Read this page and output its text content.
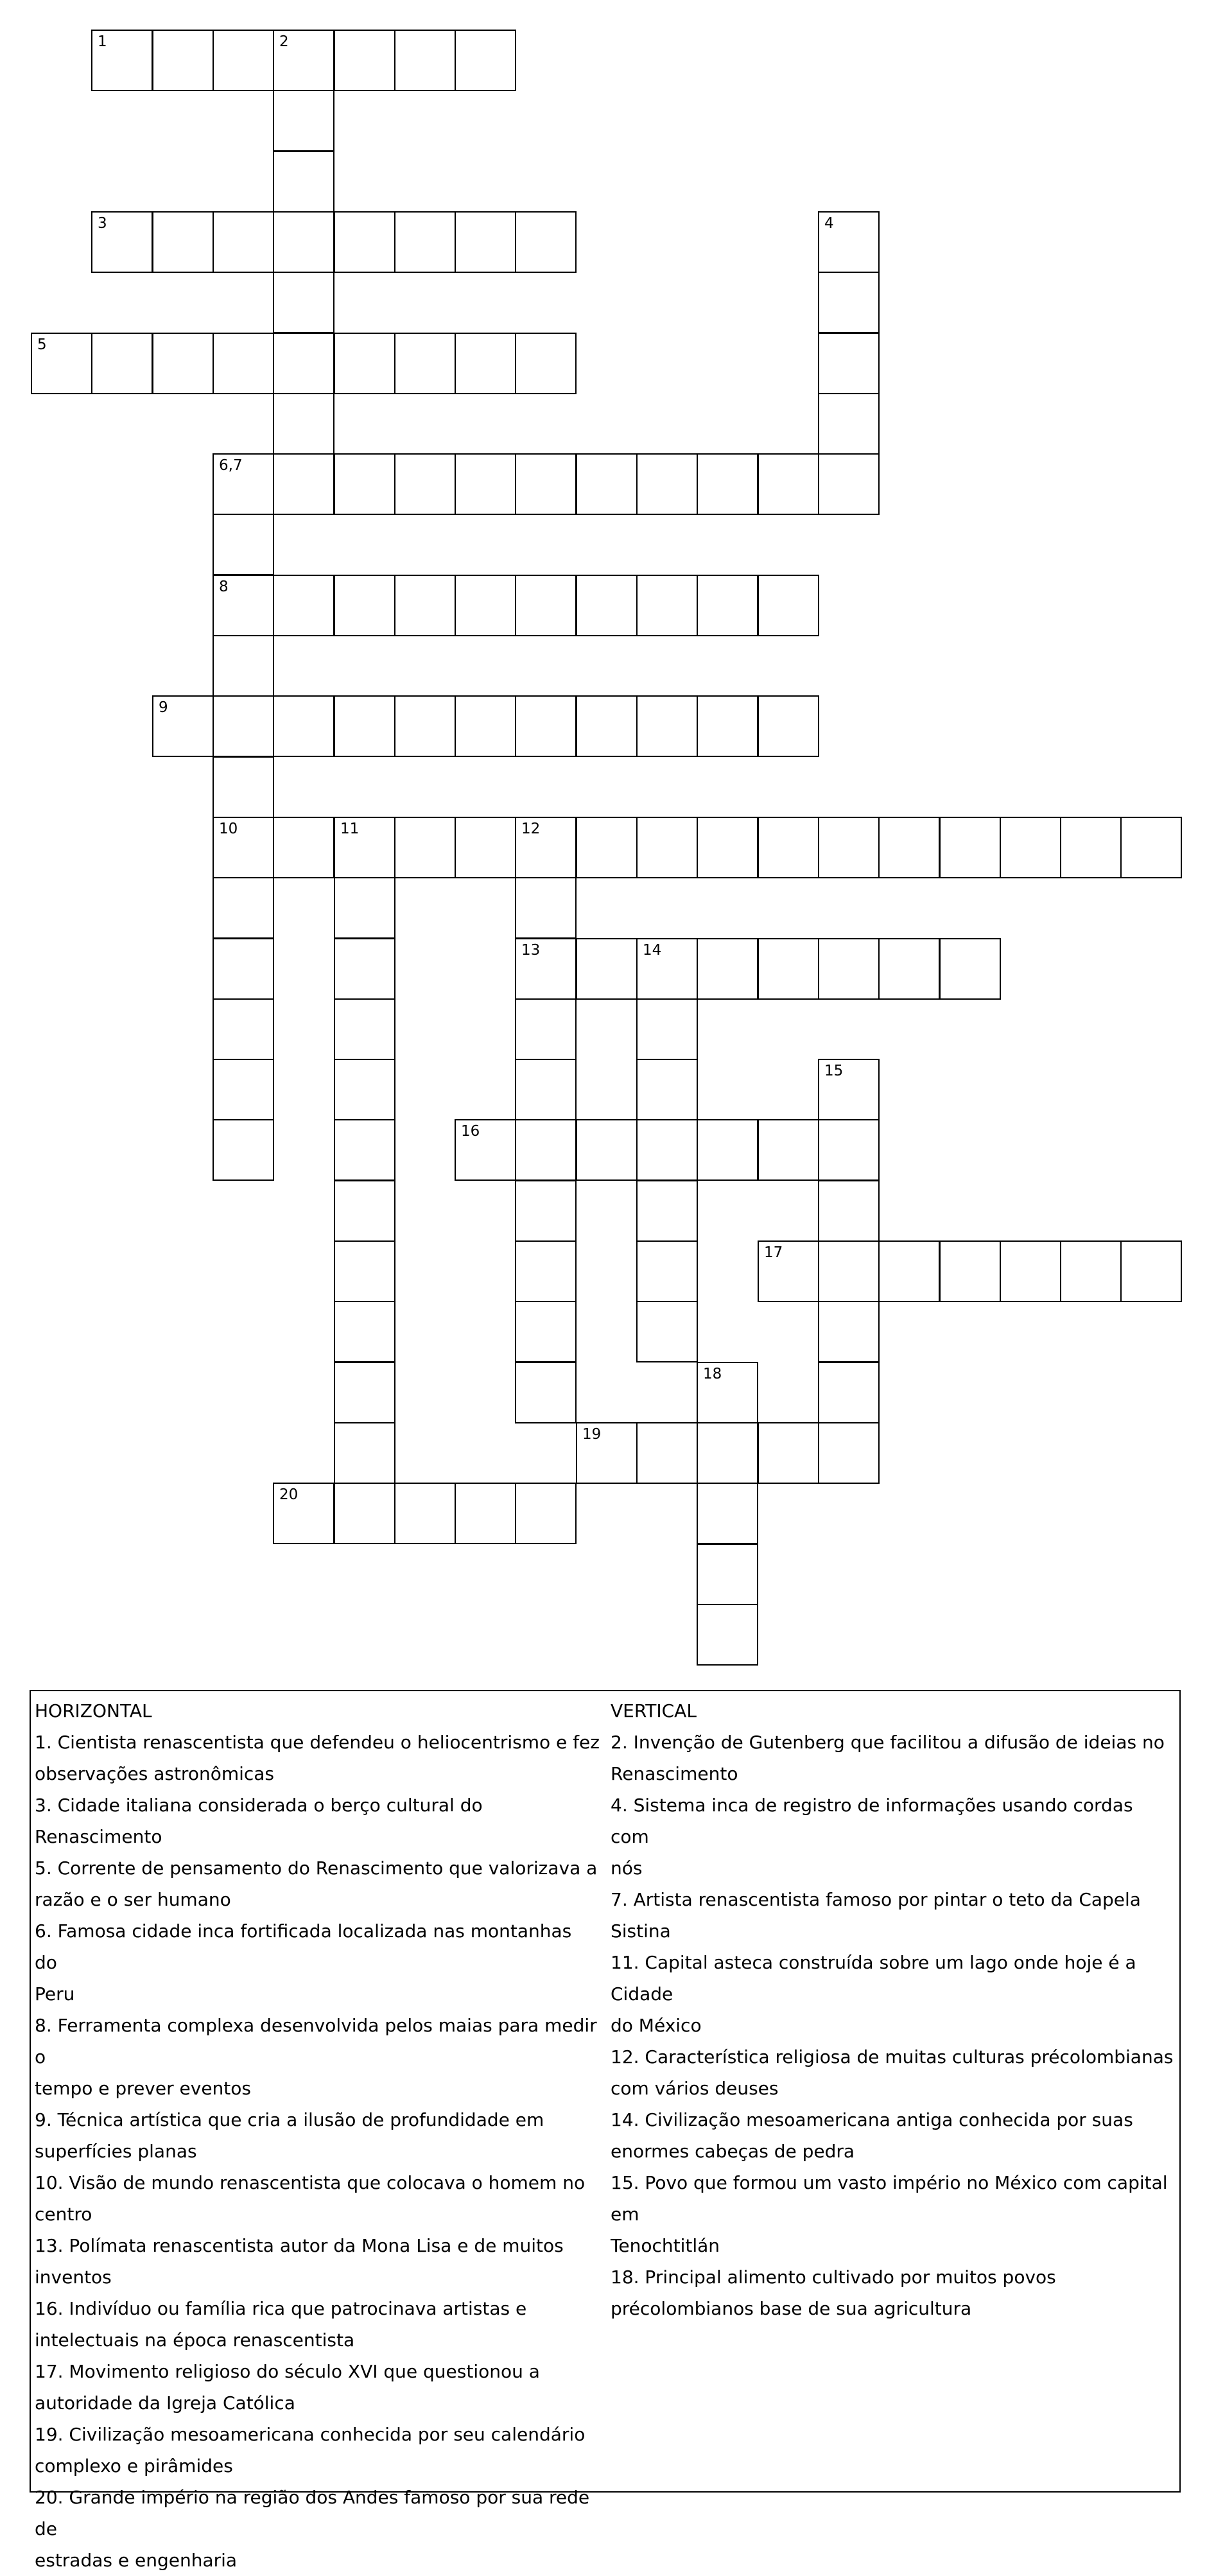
1	2
3	4
5
6,7
8
9
10	11	12
13	14
15
16
17
18
19
20

HORIZONTAL

1. Cientista renascentista que defendeu o heliocentrismo e fez

observações astronômicas

3. Cidade italiana considerada o berço cultural do Renascimento

5. Corrente de pensamento do Renascimento que valorizava a

razão e o ser humano

6. Famosa cidade inca fortificada localizada nas montanhas do

Peru

8. Ferramenta complexa desenvolvida pelos maias para medir o

tempo e prever eventos

9. Técnica artística que cria a ilusão de profundidade em

superfícies planas

10. Visão de mundo renascentista que colocava o homem no

centro

13. Polímata renascentista autor da Mona Lisa e de muitos

inventos

16. Indivíduo ou família rica que patrocinava artistas e

intelectuais na época renascentista

17. Movimento religioso do século XVI que questionou a

autoridade da Igreja Católica

19. Civilização mesoamericana conhecida por seu calendário

complexo e pirâmides

20. Grande império na região dos Andes famoso por sua rede de

estradas e engenharia

VERTICAL

2. Invenção de Gutenberg que facilitou a difusão de ideias no

Renascimento

4. Sistema inca de registro de informações usando cordas com

nós

7. Artista renascentista famoso por pintar o teto da Capela

Sistina

11. Capital asteca construída sobre um lago onde hoje é a Cidade

do México

12. Característica religiosa de muitas culturas précolombianas

com vários deuses

14. Civilização mesoamericana antiga conhecida por suas

enormes cabeças de pedra

15. Povo que formou um vasto império no México com capital em

Tenochtitlán

18. Principal alimento cultivado por muitos povos

précolombianos base de sua agricultura
